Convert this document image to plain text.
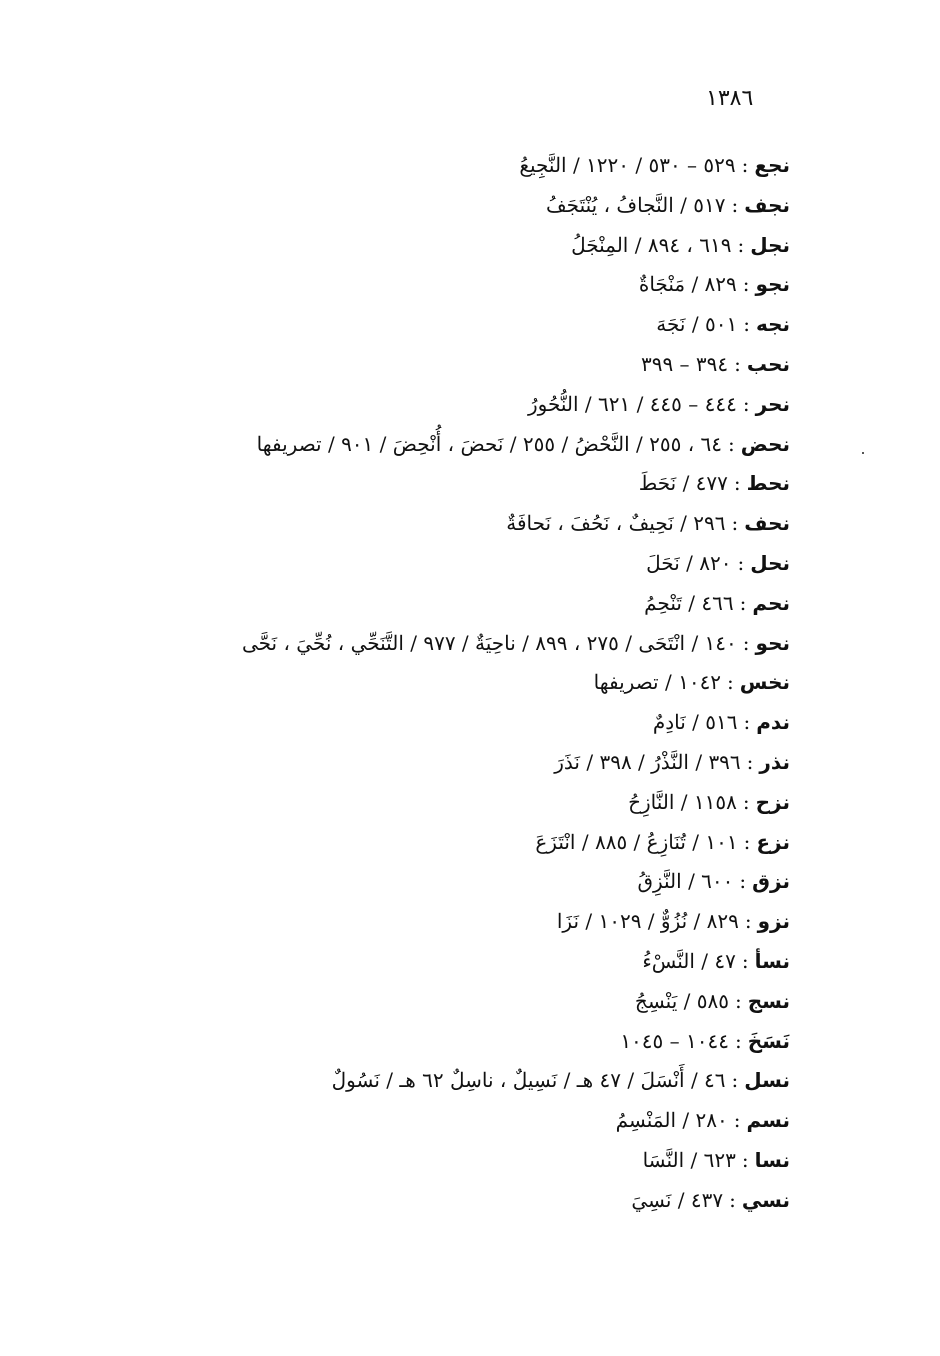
١٣٨٦
نجع:٥٢٩ – ٥٣٠ / ١٢٢٠ / النَّجِيعُ
نجف:٥١٧ / النَّجافُ ، يُنْتَجَفُ
نجل:٦١٩ ، ٨٩٤ / المِنْجَلُ
نجو:٨٢٩ / مَنْجَاةٌ
نجه:٥٠١ / نَجَهَ
نحب:٣٩٤ – ٣٩٩
نحر:٤٤٤ – ٤٤٥ / ٦٢١ / النُّحُورُ
نحض:٦٤ ، ٢٥٥ / النَّحْضُ / ٢٥٥ / نَحضَ ، أُنْحِضَ / ٩٠١ / تصريفها
نحط:٤٧٧ / نَحَطَ
نحف:٢٩٦ / نَحِيفٌ ، نَحُفَ ، نَحافَةٌ
نحل:٨٢٠ / نَحَلَ
نحم:٤٦٦ / تَنْحِمُ
نحو:١٤٠ / انْتَحَى / ٢٧٥ ، ٨٩٩ / ناحِيَةٌ / ٩٧٧ / التَّنَحِّي ، نُحِّيَ ، نَحَّى
نخس:١٠٤٢ / تصريفها
ندم:٥١٦ / نَادِمٌ
نذر:٣٩٦ / النَّذْرُ / ٣٩٨ / نَذَرَ
نزح:١١٥٨ / النَّازِحُ
نزع:١٠١ / تُنَازِعُ / ٨٨٥ / انْتَزَعَ
نزق:٦٠٠ / النَّزِقُ
نزو:٨٢٩ / نُزُوٌّ / ١٠٢٩ / نَزَا
نسأ:٤٧ / النَّسْءُ
نسج:٥٨٥ / يَنْسِجُ
نَسَخَ:١٠٤٤ – ١٠٤٥
نسل:٤٦ / أَنْسَلَ / ٤٧ هـ / نَسِيلٌ ، ناسِلٌ ٦٢ هـ / نَسُولٌ
نسم:٢٨٠ / المَنْسِمُ
نسا:٦٢٣ / النَّسَا
نسي:٤٣٧ / نَسِيَ
